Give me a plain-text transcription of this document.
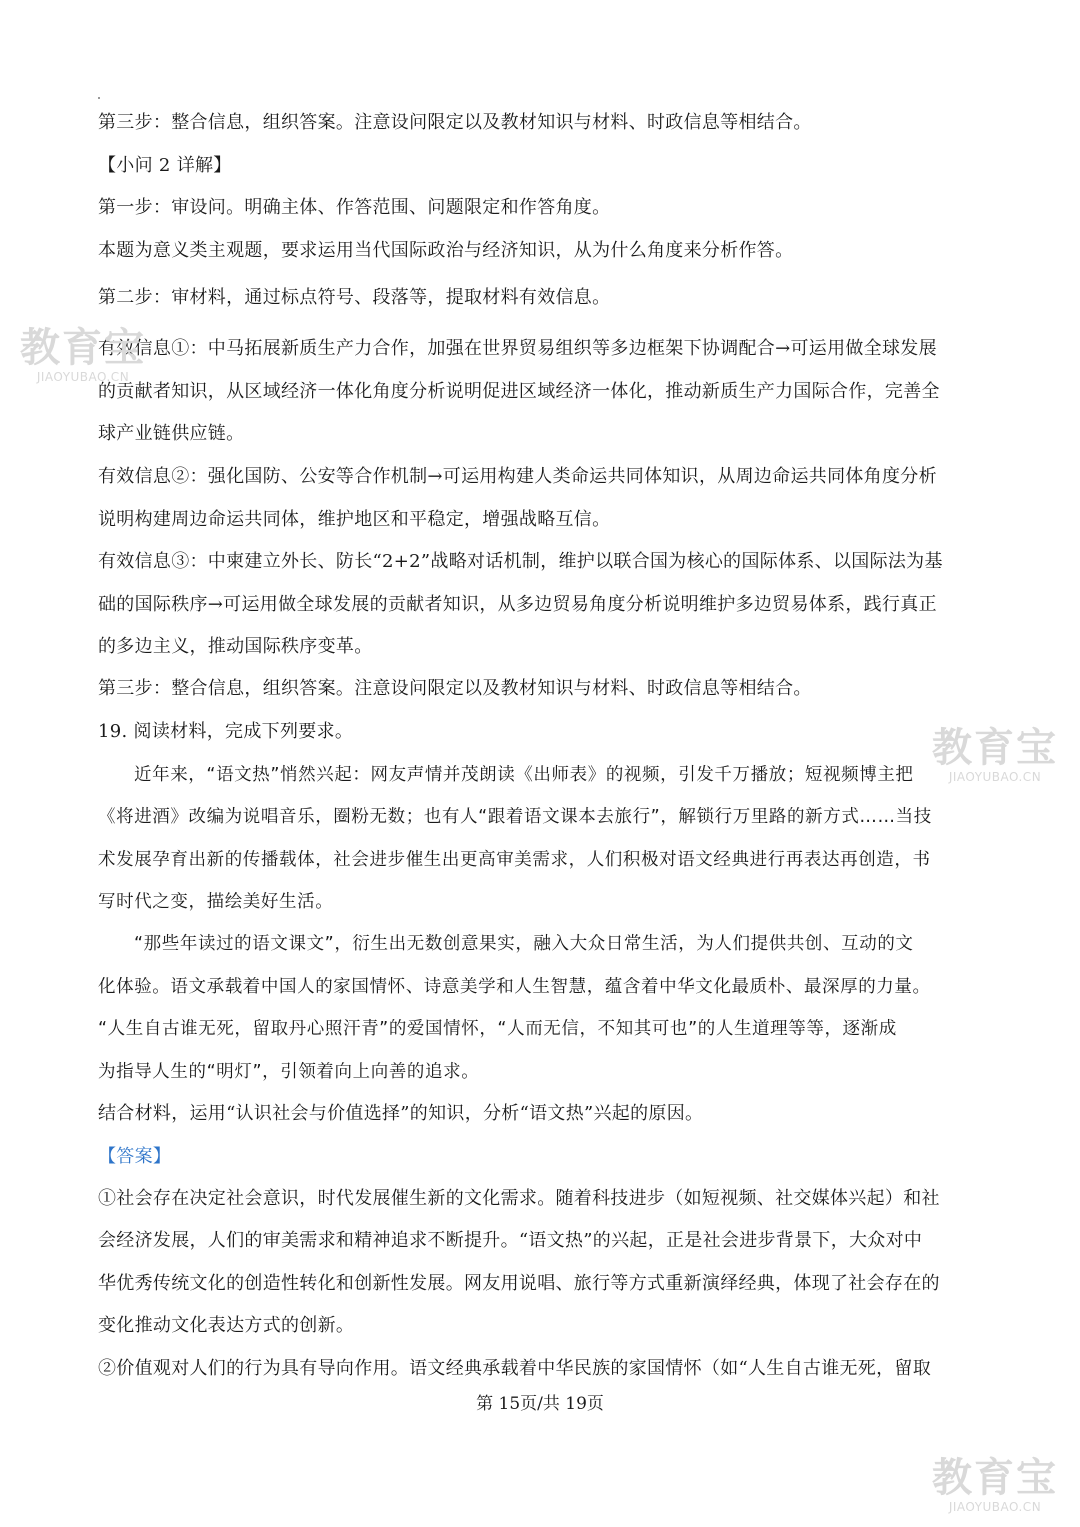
第三步：整合信息，组织答案。注意设问限定以及教材知识与材料、时政信息等相结合。
【小问 2 详解】
第一步：审设问。明确主体、作答范围、问题限定和作答角度。
本题为意义类主观题，要求运用当代国际政治与经济知识，从为什么角度来分析作答。
第二步：审材料，通过标点符号、段落等，提取材料有效信息。
有效信息①：中马拓展新质生产力合作，加强在世界贸易组织等多边框架下协调配合→可运用做全球发展
的贡献者知识，从区域经济一体化角度分析说明促进区域经济一体化，推动新质生产力国际合作，完善全
球产业链供应链。
有效信息②：强化国防、公安等合作机制→可运用构建人类命运共同体知识，从周边命运共同体角度分析
说明构建周边命运共同体，维护地区和平稳定，增强战略互信。
有效信息③：中柬建立外长、防长“2+2”战略对话机制，维护以联合国为核心的国际体系、以国际法为基
础的国际秩序→可运用做全球发展的贡献者知识，从多边贸易角度分析说明维护多边贸易体系，践行真正
的多边主义，推动国际秩序变革。
第三步：整合信息，组织答案。注意设问限定以及教材知识与材料、时政信息等相结合。
19. 阅读材料，完成下列要求。
近年来，“语文热”悄然兴起：网友声情并茂朗读《出师表》的视频，引发千万播放；短视频博主把
《将进酒》改编为说唱音乐，圈粉无数；也有人“跟着语文课本去旅行”，解锁行万里路的新方式……当技
术发展孕育出新的传播载体，社会进步催生出更高审美需求，人们积极对语文经典进行再表达再创造，书
写时代之变，描绘美好生活。
“那些年读过的语文课文”，衍生出无数创意果实，融入大众日常生活，为人们提供共创、互动的文
化体验。语文承载着中国人的家国情怀、诗意美学和人生智慧，蕴含着中华文化最质朴、最深厚的力量。
“人生自古谁无死，留取丹心照汗青”的爱国情怀，“人而无信，不知其可也”的人生道理等等，逐渐成
为指导人生的“明灯”，引领着向上向善的追求。
结合材料，运用“认识社会与价值选择”的知识，分析“语文热”兴起的原因。
【答案】
①社会存在决定社会意识，时代发展催生新的文化需求。随着科技进步（如短视频、社交媒体兴起）和社
会经济发展，人们的审美需求和精神追求不断提升。“语文热”的兴起，正是社会进步背景下，大众对中
华优秀传统文化的创造性转化和创新性发展。网友用说唱、旅行等方式重新演绎经典，体现了社会存在的
变化推动文化表达方式的创新。
②价值观对人们的行为具有导向作用。语文经典承载着中华民族的家国情怀（如“人生自古谁无死，留取
第 15页/共 19页
教育宝
JIAOYUBAO.CN
教育宝
JIAOYUBAO.CN
教育宝
JIAOYUBAO.CN
